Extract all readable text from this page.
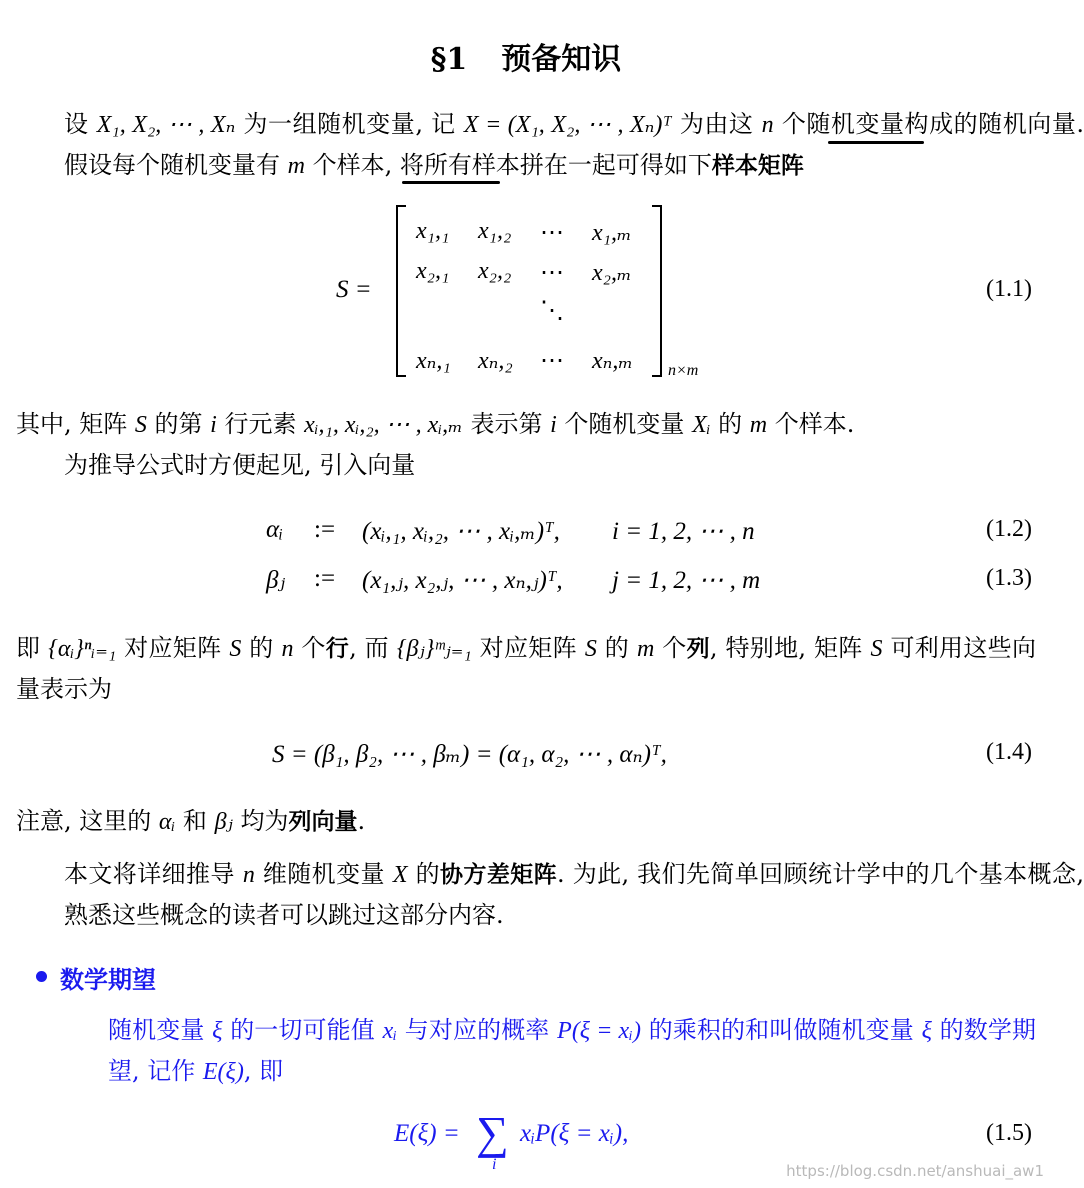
§1 预备知识

设 X₁, X₂, ⋯ , Xₙ 为一组随机变量, 记 X = (X₁, X₂, ⋯ , Xₙ)ᵀ 为由这 n 个随机变量构成的随机向量. 假设每个随机变量有 m 个样本, 将所有样本拼在一起可得如下样本矩阵

S =
x₁,₁ x₁,₂ ⋯ x₁,ₘ
x₂,₁ x₂,₂ ⋯ x₂,ₘ
⋱
xₙ,₁ xₙ,₂ ⋯ xₙ,ₘ n×m
(1.1)

其中, 矩阵 S 的第 i 行元素 xᵢ,₁, xᵢ,₂, ⋯ , xᵢ,ₘ 表示第 i 个随机变量 Xᵢ 的 m 个样本.

为推导公式时方便起见, 引入向量

αᵢ := (xᵢ,₁, xᵢ,₂, ⋯ , xᵢ,ₘ)ᵀ, i = 1, 2, ⋯ , n	(1.2)
βⱼ := (x₁,ⱼ, x₂,ⱼ, ⋯ , xₙ,ⱼ)ᵀ, j = 1, 2, ⋯ , m	(1.3)

即 {αᵢ}ⁿᵢ₌₁ 对应矩阵 S 的 n 个行, 而 {βⱼ}ᵐⱼ₌₁ 对应矩阵 S 的 m 个列, 特别地, 矩阵 S 可利用这些向量表示为

S = (β₁, β₂, ⋯ , βₘ) = (α₁, α₂, ⋯ , αₙ)ᵀ,	(1.4)

注意, 这里的 αᵢ 和 βⱼ 均为列向量.

本文将详细推导 n 维随机变量 X 的协方差矩阵. 为此, 我们先简单回顾统计学中的几个基本概念, 熟悉这些概念的读者可以跳过这部分内容.

数学期望

随机变量 ξ 的一切可能值 xᵢ 与对应的概率 P(ξ = xᵢ) 的乘积的和叫做随机变量 ξ 的数学期望, 记作 E(ξ), 即

E(ξ) = ∑
i
xᵢP(ξ = xᵢ),	(1.5)
https://blog.csdn.net/anshuai_aw1
